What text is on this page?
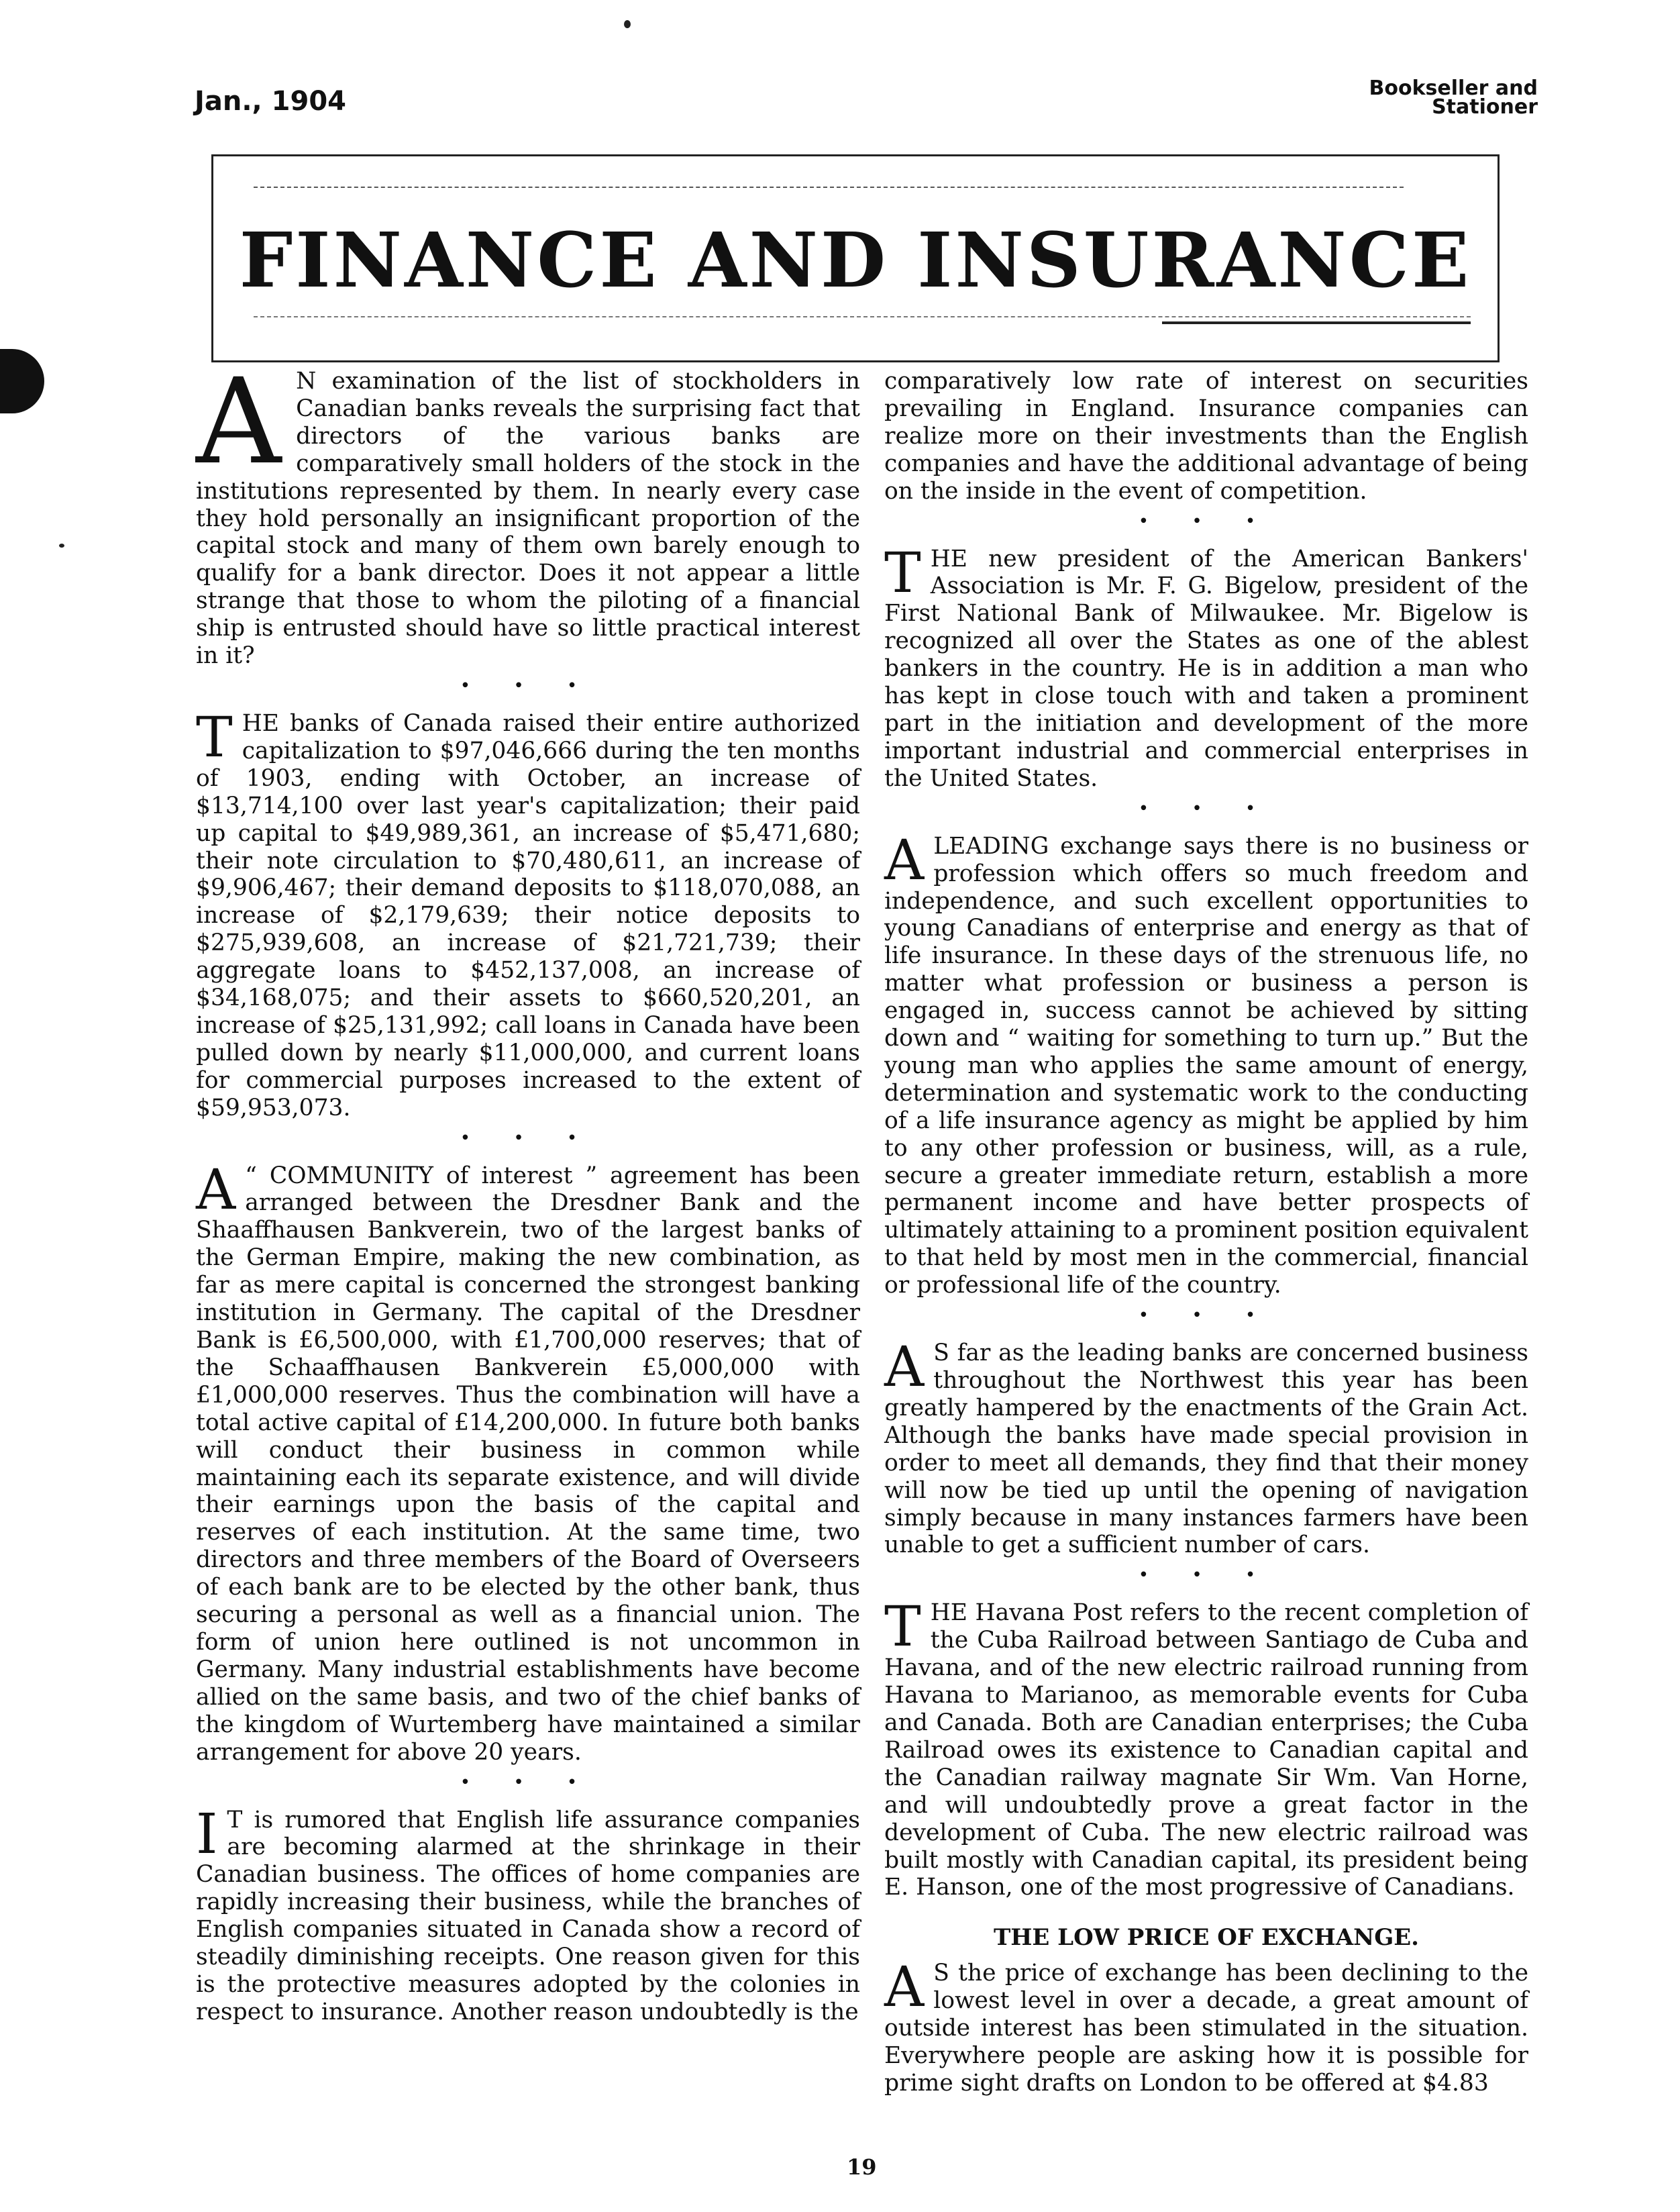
Jan., 1904	Bookseller and
Stationer
FINANCE AND INSURANCE

A N examination of the list of stockholders in Canadian banks reveals the surprising fact that directors of the various banks are comparatively small holders of the stock in the institutions represented by them. In nearly every case they hold personally an insignificant proportion of the capital stock and many of them own barely enough to qualify for a bank director. Does it not appear a little strange that those to whom the piloting of a financial ship is entrusted should have so little practical interest in it?

• • •

T HE banks of Canada raised their entire authorized capitalization to $97,046,666 during the ten months of 1903, ending with October, an increase of $13,714,100 over last year's capitalization; their paid up capital to $49,989,361, an increase of $5,471,680; their note circulation to $70,480,611, an increase of $9,906,467; their demand deposits to $118,070,088, an increase of $2,179,639; their notice deposits to $275,939,608, an increase of $21,721,739; their aggregate loans to $452,137,008, an increase of $34,168,075; and their assets to $660,520,201, an increase of $25,131,992; call loans in Canada have been pulled down by nearly $11,000,000, and current loans for commercial purposes increased to the extent of $59,953,073.

• • •

A “ COMMUNITY of interest ” agreement has been arranged between the Dresdner Bank and the Shaaffhausen Bankverein, two of the largest banks of the German Empire, making the new combination, as far as mere capital is concerned the strongest banking institution in Germany. The capital of the Dresdner Bank is £6,500,000, with £1,700,000 reserves; that of the Schaaffhausen Bankverein £5,000,000 with £1,000,000 reserves. Thus the combination will have a total active capital of £14,200,000. In future both banks will conduct their business in common while maintaining each its separate existence, and will divide their earnings upon the basis of the capital and reserves of each institution. At the same time, two directors and three members of the Board of Overseers of each bank are to be elected by the other bank, thus securing a personal as well as a financial union. The form of union here outlined is not uncommon in Germany. Many industrial establishments have become allied on the same basis, and two of the chief banks of the kingdom of Wurtemberg have maintained a similar arrangement for above 20 years.

• • •

I T is rumored that English life assurance companies are becoming alarmed at the shrinkage in their Canadian business. The offices of home companies are rapidly increasing their business, while the branches of English companies situated in Canada show a record of steadily diminishing receipts. One reason given for this is the protective measures adopted by the colonies in respect to insurance. Another reason undoubtedly is the

comparatively low rate of interest on securities prevailing in England. Insurance companies can realize more on their investments than the English companies and have the additional advantage of being on the inside in the event of competition.

• • •

T HE new president of the American Bankers' Association is Mr. F. G. Bigelow, president of the First National Bank of Milwaukee. Mr. Bigelow is recognized all over the States as one of the ablest bankers in the country. He is in addition a man who has kept in close touch with and taken a prominent part in the initiation and development of the more important industrial and commercial enterprises in the United States.

• • •

A LEADING exchange says there is no business or profession which offers so much freedom and independence, and such excellent opportunities to young Canadians of enterprise and energy as that of life insurance. In these days of the strenuous life, no matter what profession or business a person is engaged in, success cannot be achieved by sitting down and “ waiting for something to turn up.” But the young man who applies the same amount of energy, determination and systematic work to the conducting of a life insurance agency as might be applied by him to any other profession or business, will, as a rule, secure a greater immediate return, establish a more permanent income and have better prospects of ultimately attaining to a prominent position equivalent to that held by most men in the commercial, financial or professional life of the country.

• • •

A S far as the leading banks are concerned business throughout the Northwest this year has been greatly hampered by the enactments of the Grain Act. Although the banks have made special provision in order to meet all demands, they find that their money will now be tied up until the opening of navigation simply because in many instances farmers have been unable to get a sufficient number of cars.

• • •

T HE Havana Post refers to the recent completion of the Cuba Railroad between Santiago de Cuba and Havana, and of the new electric railroad running from Havana to Marianoo, as memorable events for Cuba and Canada. Both are Canadian enterprises; the Cuba Railroad owes its existence to Canadian capital and the Canadian railway magnate Sir Wm. Van Horne, and will undoubtedly prove a great factor in the development of Cuba. The new electric railroad was built mostly with Canadian capital, its president being E. Hanson, one of the most progressive of Canadians.

THE LOW PRICE OF EXCHANGE.

A S the price of exchange has been declining to the lowest level in over a decade, a great amount of outside interest has been stimulated in the situation. Everywhere people are asking how it is possible for prime sight drafts on London to be offered at $4.83

19
